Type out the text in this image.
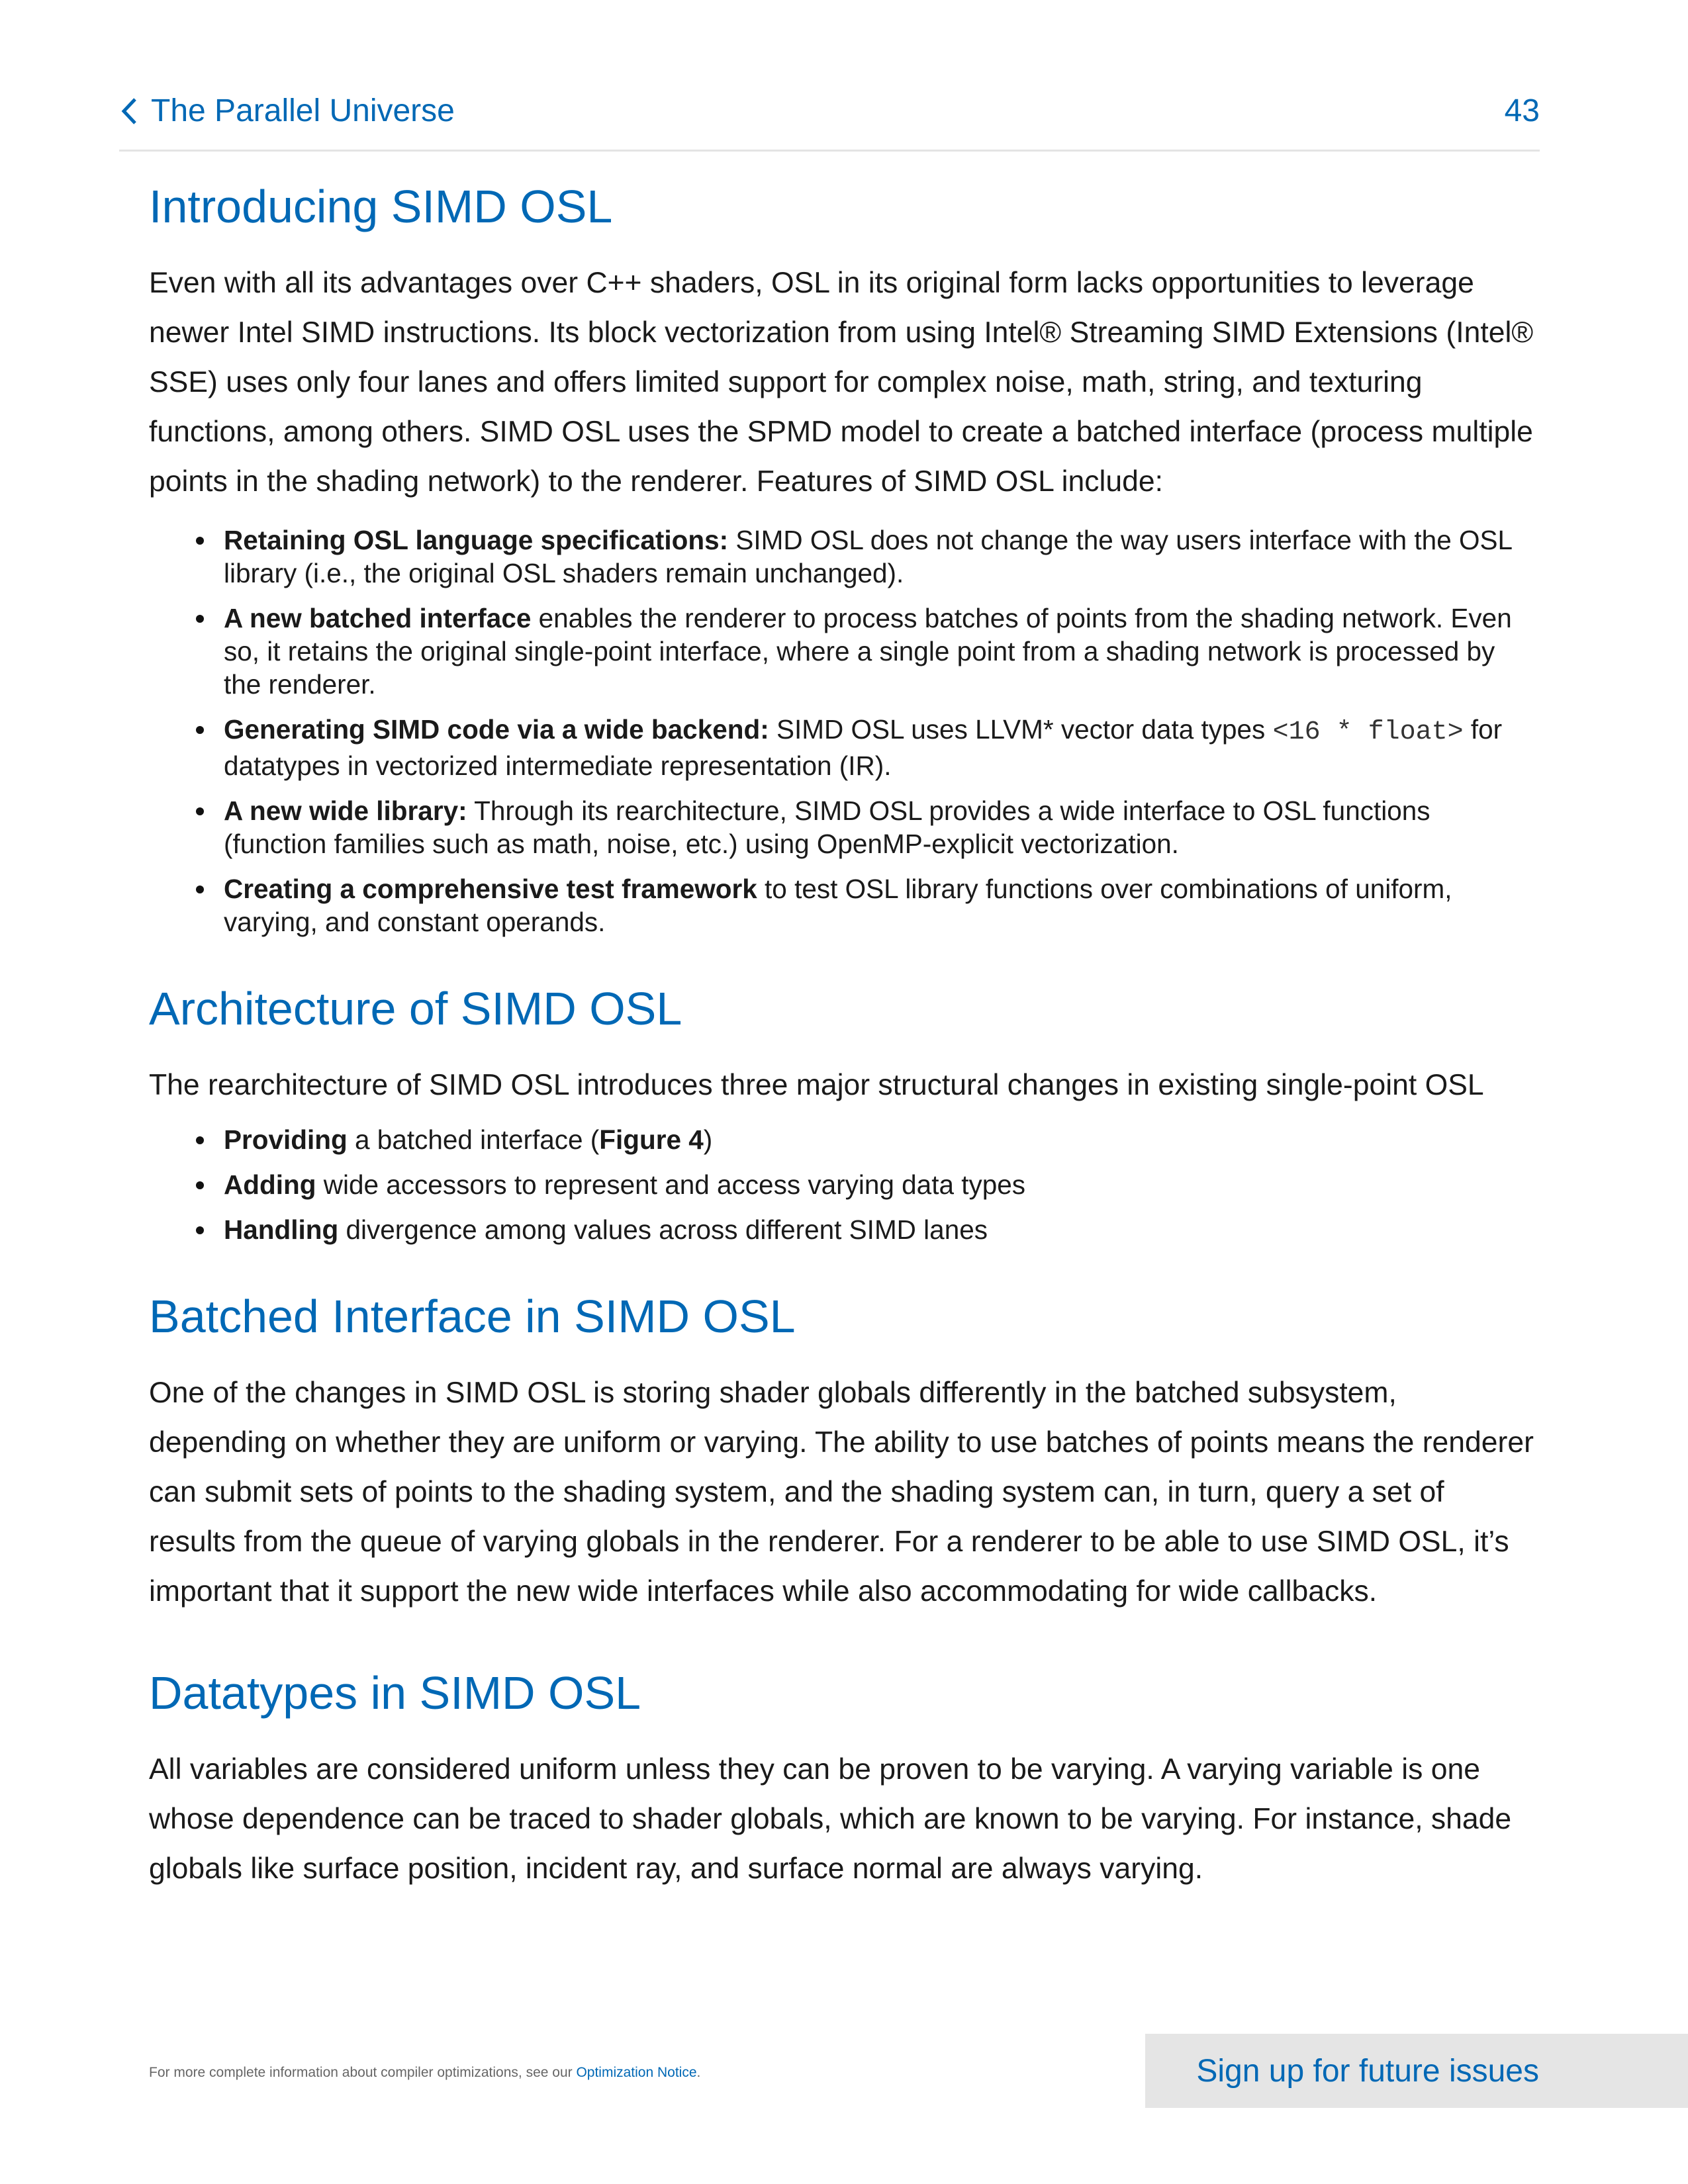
The Parallel Universe	43
Introducing SIMD OSL

Even with all its advantages over C++ shaders, OSL in its original form lacks opportunities to leverage newer Intel SIMD instructions. Its block vectorization from using Intel® Streaming SIMD Extensions (Intel® SSE) uses only four lanes and offers limited support for complex noise, math, string, and texturing functions, among others. SIMD OSL uses the SPMD model to create a batched interface (process multiple points in the shading network) to the renderer. Features of SIMD OSL include:

Retaining OSL language specifications: SIMD OSL does not change the way users interface with the OSL library (i.e., the original OSL shaders remain unchanged).
A new batched interface enables the renderer to process batches of points from the shading network. Even so, it retains the original single-point interface, where a single point from a shading network is processed by the renderer.
Generating SIMD code via a wide backend: SIMD OSL uses LLVM* vector data types <16 * float> for datatypes in vectorized intermediate representation (IR).
A new wide library: Through its rearchitecture, SIMD OSL provides a wide interface to OSL functions (function families such as math, noise, etc.) using OpenMP-explicit vectorization.
Creating a comprehensive test framework to test OSL library functions over combinations of uniform, varying, and constant operands.
Architecture of SIMD OSL

The rearchitecture of SIMD OSL introduces three major structural changes in existing single-point OSL

Providing a batched interface (Figure 4)
Adding wide accessors to represent and access varying data types
Handling divergence among values across different SIMD lanes
Batched Interface in SIMD OSL

One of the changes in SIMD OSL is storing shader globals differently in the batched subsystem, depending on whether they are uniform or varying. The ability to use batches of points means the renderer can submit sets of points to the shading system, and the shading system can, in turn, query a set of results from the queue of varying globals in the renderer. For a renderer to be able to use SIMD OSL, it’s important that it support the new wide interfaces while also accommodating for wide callbacks.

Datatypes in SIMD OSL

All variables are considered uniform unless they can be proven to be varying. A varying variable is one whose dependence can be traced to shader globals, which are known to be varying. For instance, shade globals like surface position, incident ray, and surface normal are always varying.

For more complete information about compiler optimizations, see our Optimization Notice.	Sign up for future issues
